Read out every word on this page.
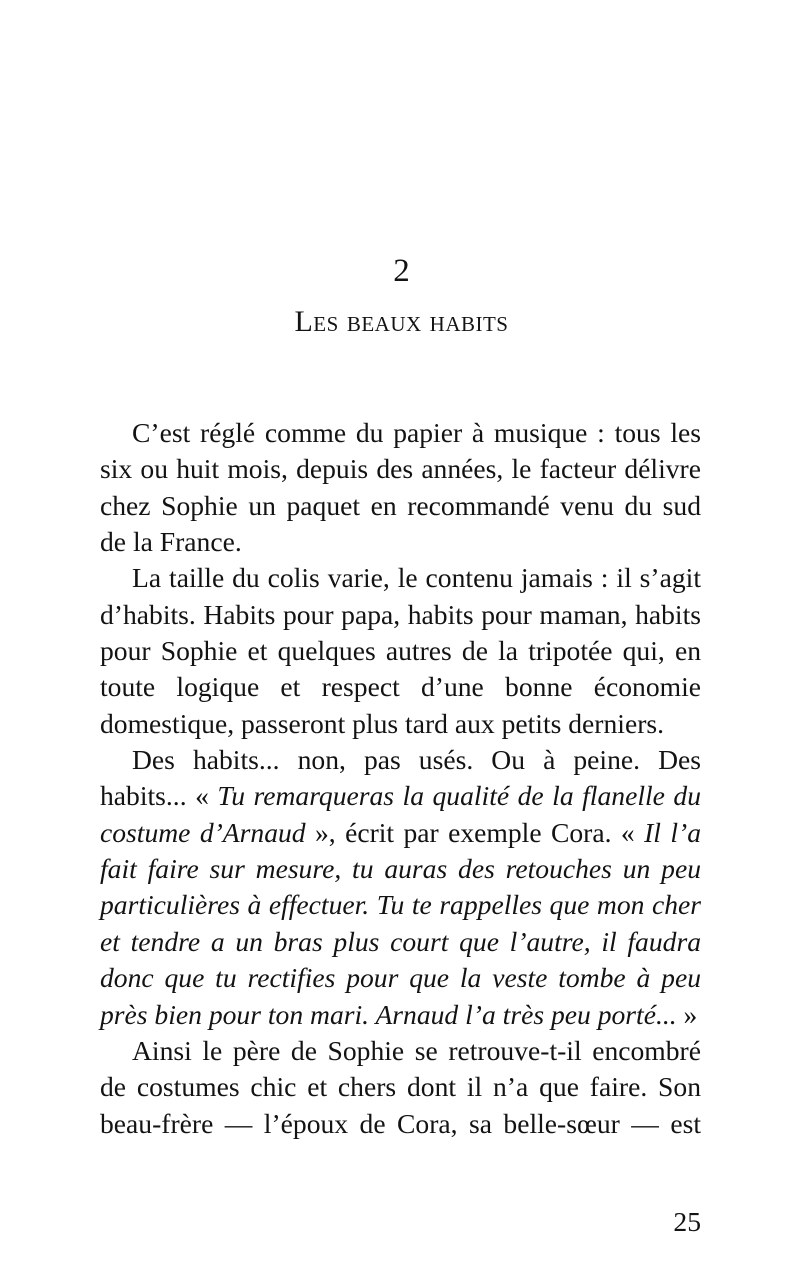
2
Les beaux habits

C’est réglé comme du papier à musique : tous les six ou huit mois, depuis des années, le facteur délivre chez Sophie un paquet en recommandé venu du sud de la France.

La taille du colis varie, le contenu jamais : il s’agit d’habits. Habits pour papa, habits pour maman, habits pour Sophie et quelques autres de la tripotée qui, en toute logique et respect d’une bonne économie domestique, passeront plus tard aux petits derniers.

Des habits... non, pas usés. Ou à peine. Des habits... « Tu remarqueras la qualité de la flanelle du costume d’Arnaud », écrit par exemple Cora. « Il l’a fait faire sur mesure, tu auras des retouches un peu particulières à effectuer. Tu te rappelles que mon cher et tendre a un bras plus court que l’autre, il faudra donc que tu rectifies pour que la veste tombe à peu près bien pour ton mari. Arnaud l’a très peu porté... »

Ainsi le père de Sophie se retrouve-t-il encombré de costumes chic et chers dont il n’a que faire. Son beau-frère — l’époux de Cora, sa belle-sœur — est

25
